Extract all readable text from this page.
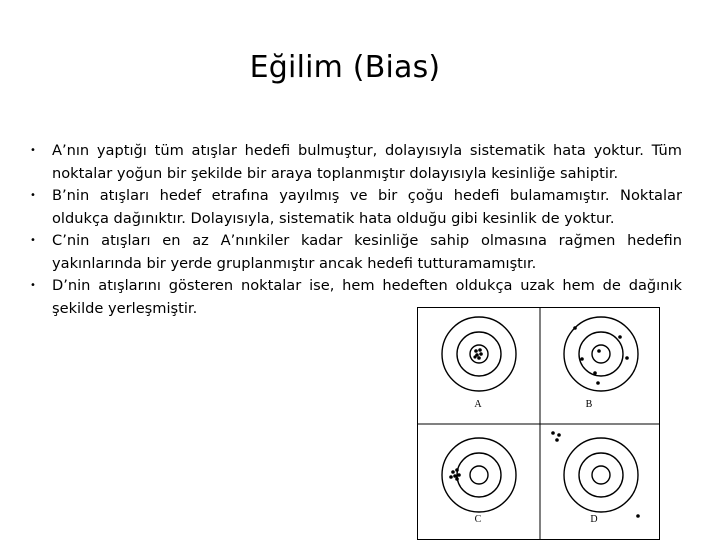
Eğilim (Bias)
• A’nın yaptığı tüm atışlar hedefi bulmuştur, dolayısıyla sistematik hata yoktur. Tüm noktalar yoğun bir şekilde bir araya toplanmıştır dolayısıyla kesinliğe sahiptir.
• B’nin atışları hedef etrafına yayılmış ve bir çoğu hedefi bulamamıştır. Noktalar oldukça dağınıktır. Dolayısıyla, sistematik hata olduğu gibi kesinlik de yoktur.
• C’nin atışları en az A’nınkiler kadar kesinliğe sahip olmasına rağmen hedefin yakınlarında bir yerde gruplanmıştır ancak hedefi tutturamamıştır.
• D’nin atışlarını gösteren noktalar ise, hem hedeften oldukça uzak hem de dağınık şekilde yerleşmiştir.
A	B
C	D
